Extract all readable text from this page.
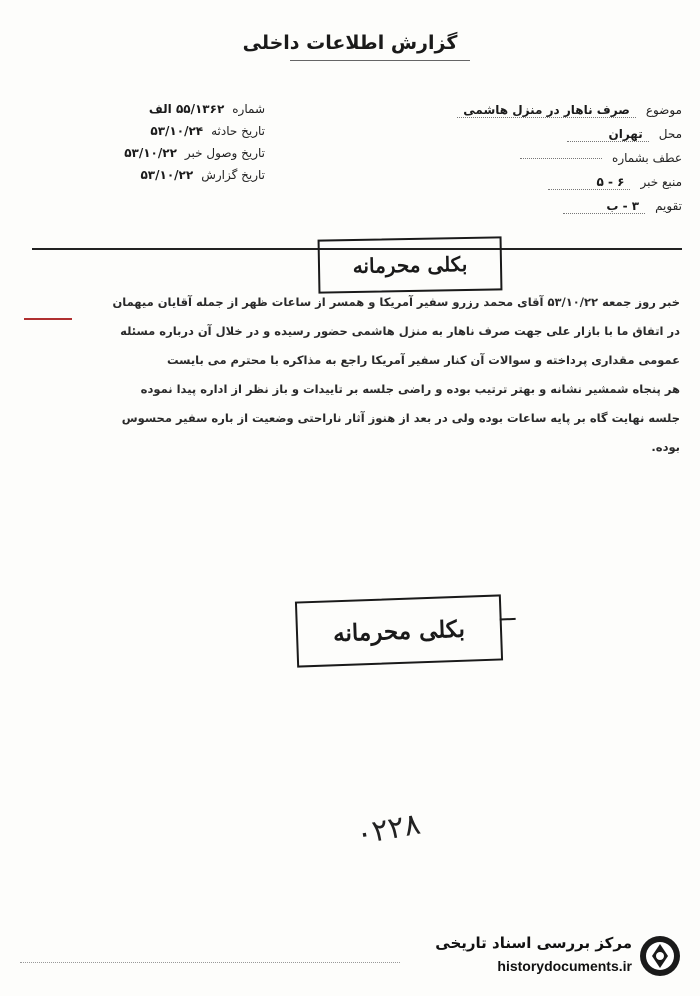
گزارش اطلاعات داخلی
شماره
۵۵/۱۳۶۲ الف
تاریخ حادثه
۵۳/۱۰/۲۴
تاریخ وصول خبر
۵۳/۱۰/۲۲
تاریخ گزارش
۵۳/۱۰/۲۲
موضوع
صرف ناهار در منزل هاشمی
محل
تهران
عطف بشماره
منبع خبر
۶ - ۵
تقویم
۳ - ب
بکلی محرمانه
خبر روز جمعه ۵۳/۱۰/۲۲ آقای محمد رزرو سفیر آمریکا و همسر از ساعات ظهر از جمله آقایان میهمان
در اتفاق ما با بازار علی جهت صرف ناهار به منزل هاشمی حضور رسیده و در خلال آن درباره مسئله
عمومی مقداری پرداخته و سوالات آن کنار سفیر آمریکا راجع به مذاکره با محترم می بایست
هر پنجاه شمشیر نشانه و بهتر ترتیب بوده و راضی جلسه بر تاییدات و باز نظر از اداره پیدا نموده
جلسه نهایت گاه بر پایه ساعات بوده ولی در بعد از هنوز آثار ناراحتی وضعیت از باره سفیر محسوس
بوده.
بکلی محرمانه
۰۲۲۸
مرکز بررسی اسناد تاریخی
historydocuments.ir
